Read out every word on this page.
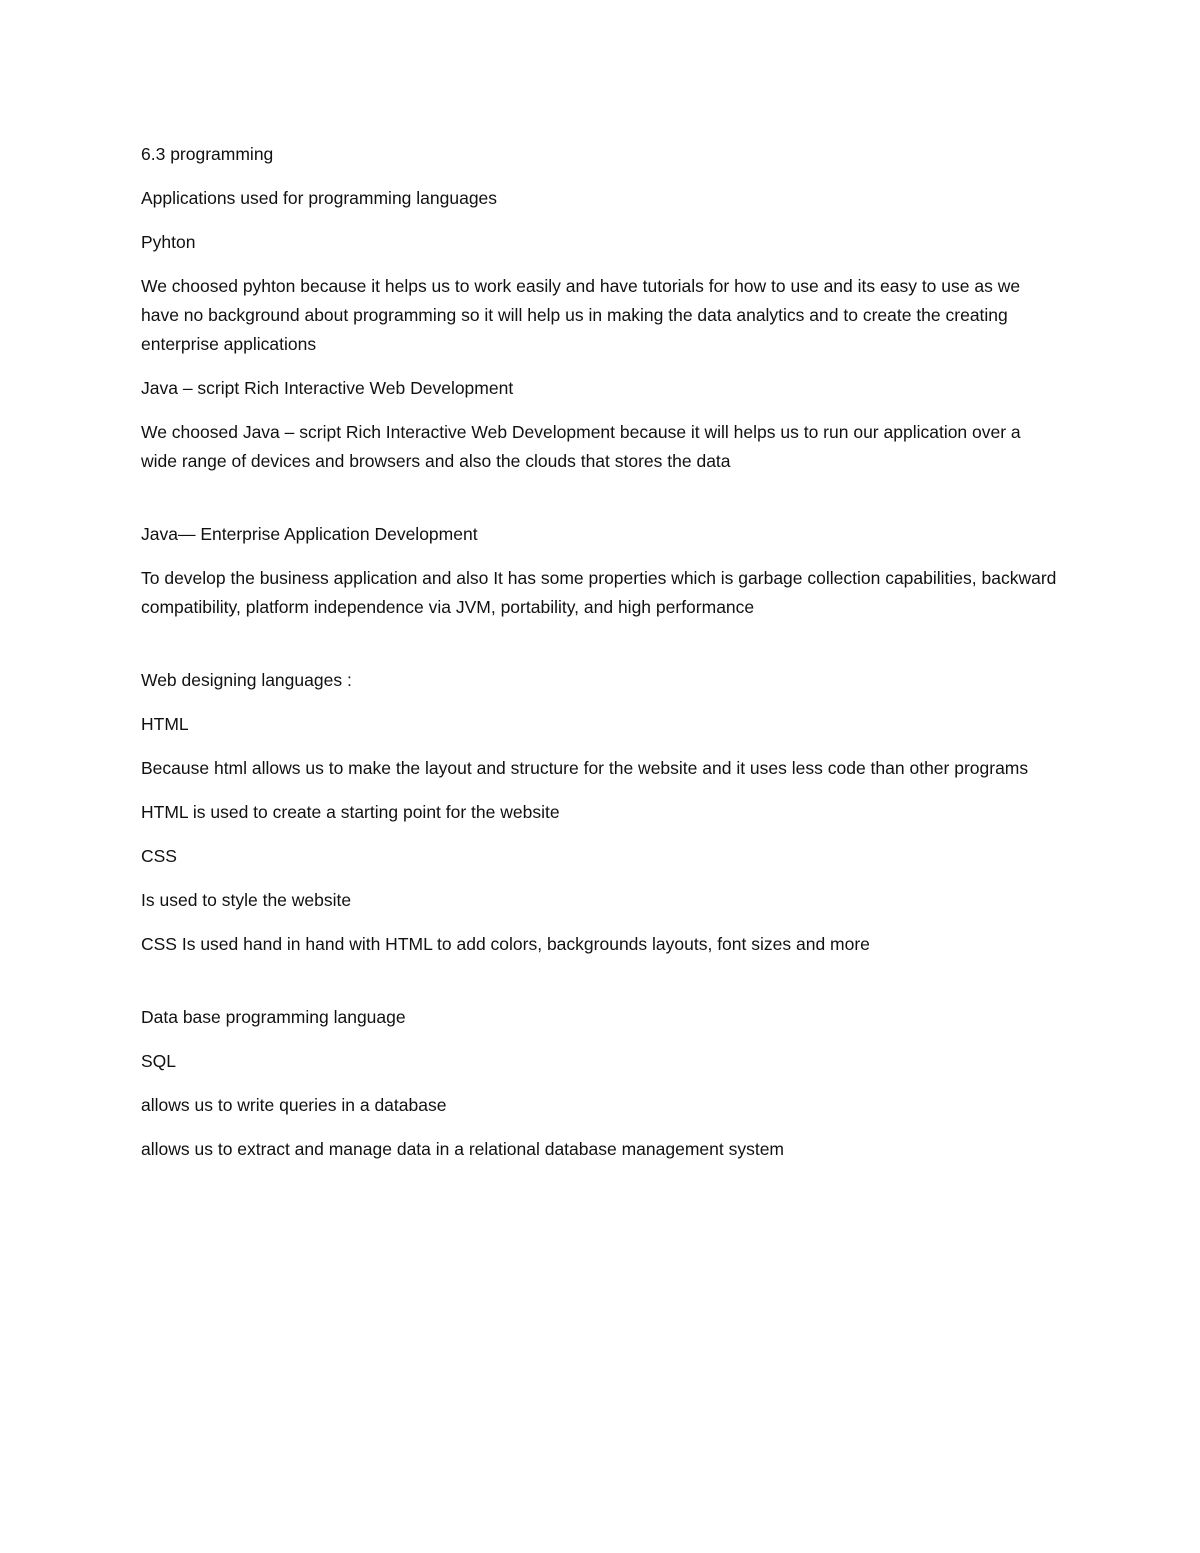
6.3 programming

Applications used for programming languages

Pyhton

We choosed pyhton because it helps us to work easily and have tutorials for how to use and its easy to use as we have no background about programming so it will help us in making the data analytics and to create the creating enterprise applications

Java – script Rich Interactive Web Development

We choosed Java – script Rich Interactive Web Development because it will helps us to run our application over a wide range of devices and browsers and also the clouds that stores the data

Java— Enterprise Application Development

To develop the business application and also It has some properties which is garbage collection capabilities, backward compatibility, platform independence via JVM, portability, and high performance

Web designing languages :

HTML

Because html allows us to make the layout and structure for the website and it uses less code than other programs

HTML is used to create a starting point for the website

CSS

Is used to style the website

CSS Is used hand in hand with HTML to add colors, backgrounds layouts, font sizes and more

Data base programming language

SQL

allows us to write queries in a database

allows us to extract and manage data in a relational database management system
